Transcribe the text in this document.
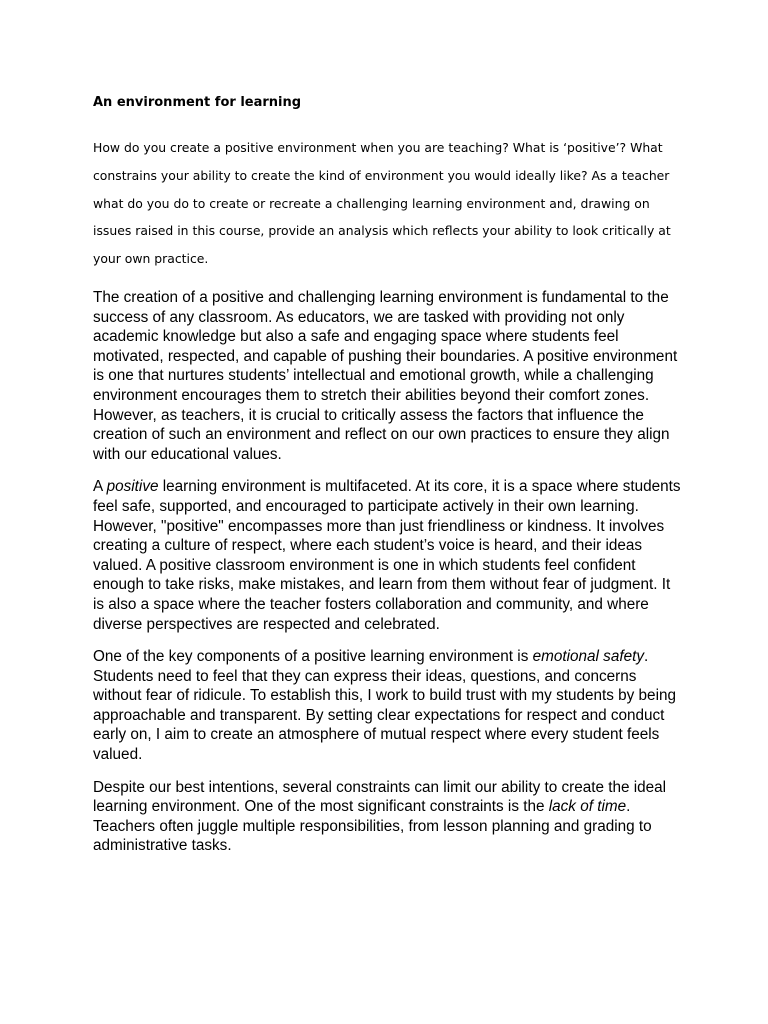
An environment for learning

How do you create a positive environment when you are teaching? What is ‘positive’? What constrains your ability to create the kind of environment you would ideally like? As a teacher what do you do to create or recreate a challenging learning environment and, drawing on issues raised in this course, provide an analysis which reflects your ability to look critically at your own practice.

The creation of a positive and challenging learning environment is fundamental to the success of any classroom. As educators, we are tasked with providing not only academic knowledge but also a safe and engaging space where students feel motivated, respected, and capable of pushing their boundaries. A positive environment is one that nurtures students’ intellectual and emotional growth, while a challenging environment encourages them to stretch their abilities beyond their comfort zones. However, as teachers, it is crucial to critically assess the factors that influence the creation of such an environment and reflect on our own practices to ensure they align with our educational values.

A positive learning environment is multifaceted. At its core, it is a space where students feel safe, supported, and encouraged to participate actively in their own learning. However, "positive" encompasses more than just friendliness or kindness. It involves creating a culture of respect, where each student’s voice is heard, and their ideas valued. A positive classroom environment is one in which students feel confident enough to take risks, make mistakes, and learn from them without fear of judgment. It is also a space where the teacher fosters collaboration and community, and where diverse perspectives are respected and celebrated.

One of the key components of a positive learning environment is emotional safety. Students need to feel that they can express their ideas, questions, and concerns without fear of ridicule. To establish this, I work to build trust with my students by being approachable and transparent. By setting clear expectations for respect and conduct early on, I aim to create an atmosphere of mutual respect where every student feels valued.

Despite our best intentions, several constraints can limit our ability to create the ideal learning environment. One of the most significant constraints is the lack of time. Teachers often juggle multiple responsibilities, from lesson planning and grading to administrative tasks.
